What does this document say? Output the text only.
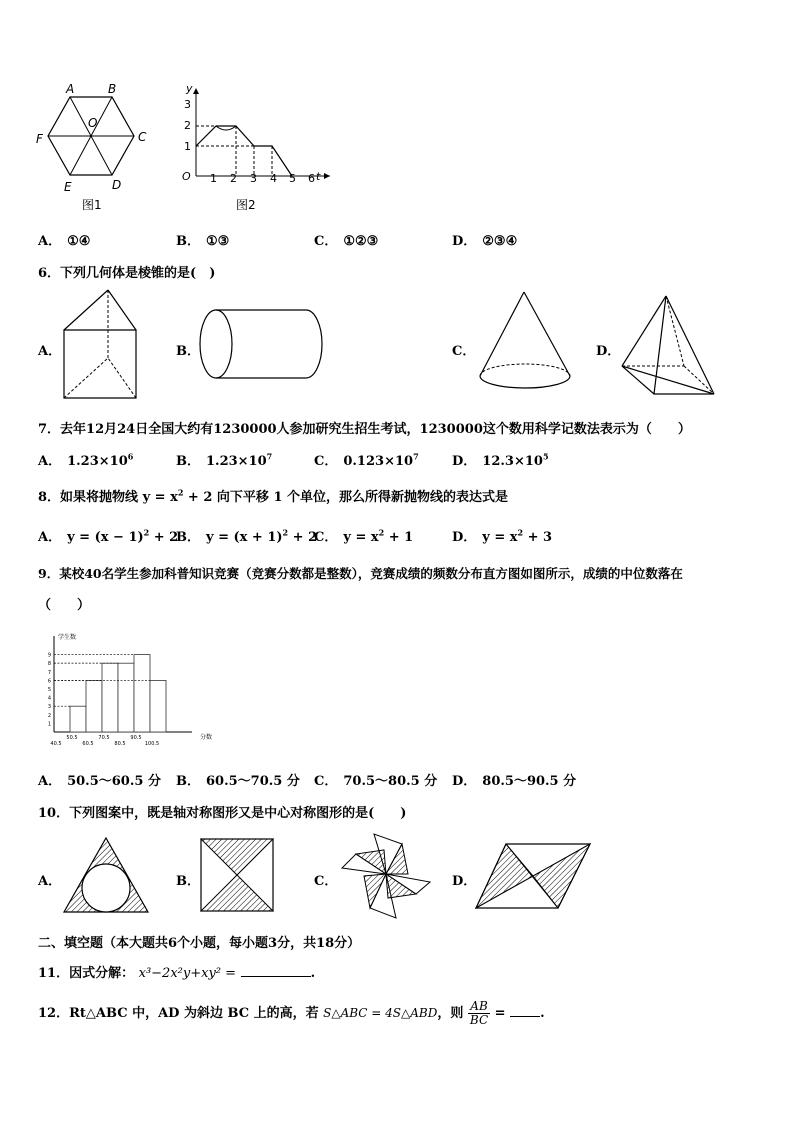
A	B
C
D
E
F
O
图1
y
t
O 1 2 3 4 5 6
1
2
3
图2
A． ①④	B． ①③	C． ①②③	D． ②③④
6．下列几何体是棱锥的是(　)
A．	B．	C．	D．
7．去年12月24日全国大约有1230000人参加研究生招生考试，1230000这个数用科学记数法表示为（　　）
A． $1.23\times 10^6$	B． $1.23\times 10^7$	C． $0.123\times 10^7$	D． $12.3\times 10^5$
8．如果将抛物线 $y = x^2 + 2$ 向下平移 1 个单位，那么所得新抛物线的表达式是
A． $y = (x - 1)^2 + 2$
B． $y = (x + 1)^2 + 2$
C． $y = x^2 + 1$	D． $y = x^2 + 3$
9．某校40名学生参加科普知识竞赛（竞赛分数都是整数），竞赛成绩的频数分布直方图如图所示，成绩的中位数落在
（　　）
1
2
3
4
5
6
7
8
9
学生数
40.5
50.5
60.5
70.5
80.5
90.5
100.5
分数
A． 50.5～60.5 分 B． 60.5～70.5 分 C． 70.5～80.5 分 D． 80.5～90.5 分
10．下列图案中，既是轴对称图形又是中心对称图形的是(　　)
A．	B．	C．	D．
二、填空题（本大题共6个小题，每小题3分，共18分）
11．因式分解： x³−2x²y+xy² =	.
12．Rt△ABC 中，AD 为斜边 BC 上的高，若 S△ABC = 4S△ABD，则 $\frac{AB}{BC}$ =	.
